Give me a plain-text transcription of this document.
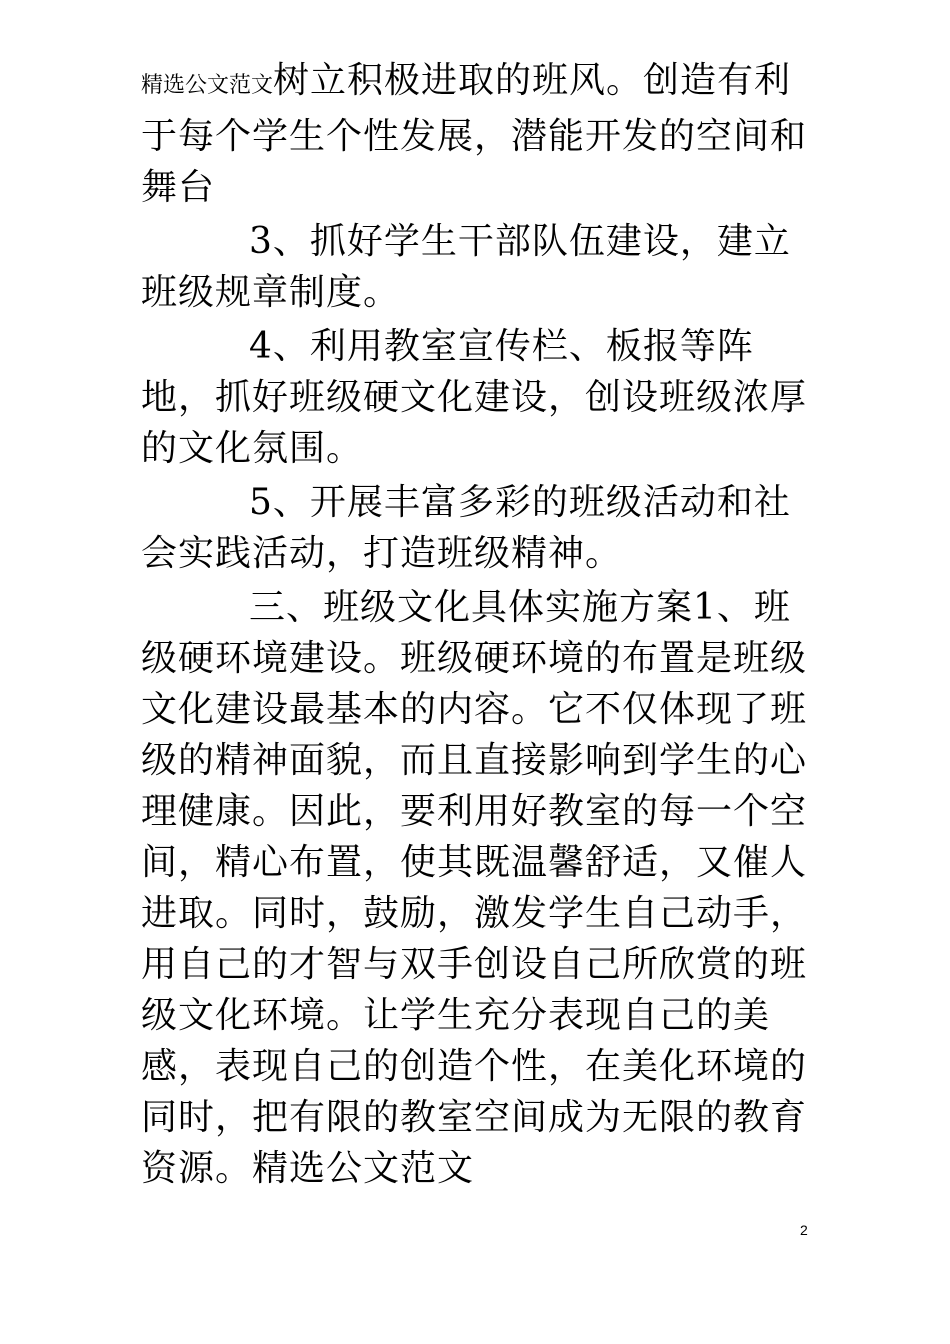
精选公文范文树立积极进取的班风。创造有利于每个学生个性发展，潜能开发的空间和舞台

3、抓好学生干部队伍建设，建立班级规章制度。

4、利用教室宣传栏、板报等阵地，抓好班级硬文化建设，创设班级浓厚的文化氛围。

5、开展丰富多彩的班级活动和社会实践活动，打造班级精神。

三、班级文化具体实施方案1、班级硬环境建设。班级硬环境的布置是班级文化建设最基本的内容。它不仅体现了班级的精神面貌，而且直接影响到学生的心理健康。因此，要利用好教室的每一个空间，精心布置，使其既温馨舒适，又催人进取。同时，鼓励，激发学生自己动手，用自己的才智与双手创设自己所欣赏的班级文化环境。让学生充分表现自己的美感，表现自己的创造个性，在美化环境的同时，把有限的教室空间成为无限的教育资源。精选公文范文

2
